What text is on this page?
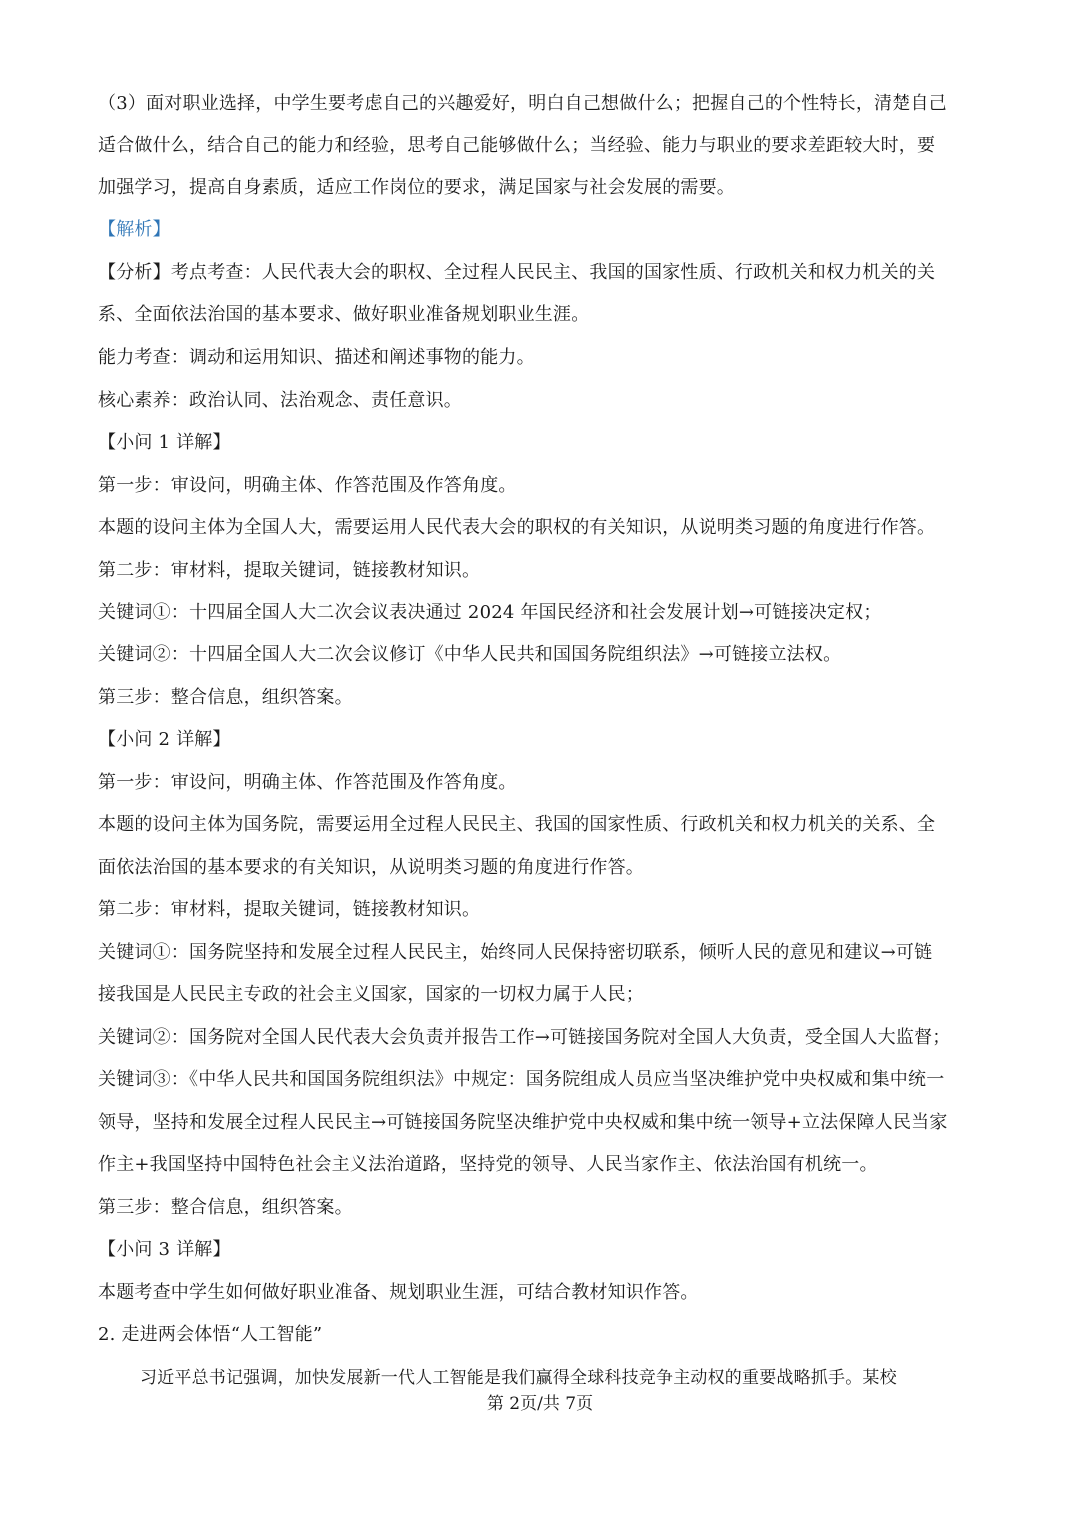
（3）面对职业选择，中学生要考虑自己的兴趣爱好，明白自己想做什么；把握自己的个性特长，清楚自己
适合做什么，结合自己的能力和经验，思考自己能够做什么；当经验、能力与职业的要求差距较大时，要
加强学习，提高自身素质，适应工作岗位的要求，满足国家与社会发展的需要。
【解析】
【分析】考点考查：人民代表大会的职权、全过程人民民主、我国的国家性质、行政机关和权力机关的关
系、全面依法治国的基本要求、做好职业准备规划职业生涯。
能力考查：调动和运用知识、描述和阐述事物的能力。
核心素养：政治认同、法治观念、责任意识。
【小问 1 详解】
第一步：审设问，明确主体、作答范围及作答角度。
本题的设问主体为全国人大，需要运用人民代表大会的职权的有关知识，从说明类习题的角度进行作答。
第二步：审材料，提取关键词，链接教材知识。
关键词①：十四届全国人大二次会议表决通过 2024 年国民经济和社会发展计划→可链接决定权；
关键词②：十四届全国人大二次会议修订《中华人民共和国国务院组织法》→可链接立法权。
第三步：整合信息，组织答案。
【小问 2 详解】
第一步：审设问，明确主体、作答范围及作答角度。
本题的设问主体为国务院，需要运用全过程人民民主、我国的国家性质、行政机关和权力机关的关系、全
面依法治国的基本要求的有关知识，从说明类习题的角度进行作答。
第二步：审材料，提取关键词，链接教材知识。
关键词①：国务院坚持和发展全过程人民民主，始终同人民保持密切联系，倾听人民的意见和建议→可链
接我国是人民民主专政的社会主义国家，国家的一切权力属于人民；
关键词②：国务院对全国人民代表大会负责并报告工作→可链接国务院对全国人大负责，受全国人大监督；
关键词③：《中华人民共和国国务院组织法》中规定：国务院组成人员应当坚决维护党中央权威和集中统一
领导，坚持和发展全过程人民民主→可链接国务院坚决维护党中央权威和集中统一领导+立法保障人民当家
作主+我国坚持中国特色社会主义法治道路，坚持党的领导、人民当家作主、依法治国有机统一。
第三步：整合信息，组织答案。
【小问 3 详解】
本题考查中学生如何做好职业准备、规划职业生涯，可结合教材知识作答。
2. 走进两会体悟“人工智能”
习近平总书记强调，加快发展新一代人工智能是我们赢得全球科技竞争主动权的重要战略抓手。某校
第 2页/共 7页
